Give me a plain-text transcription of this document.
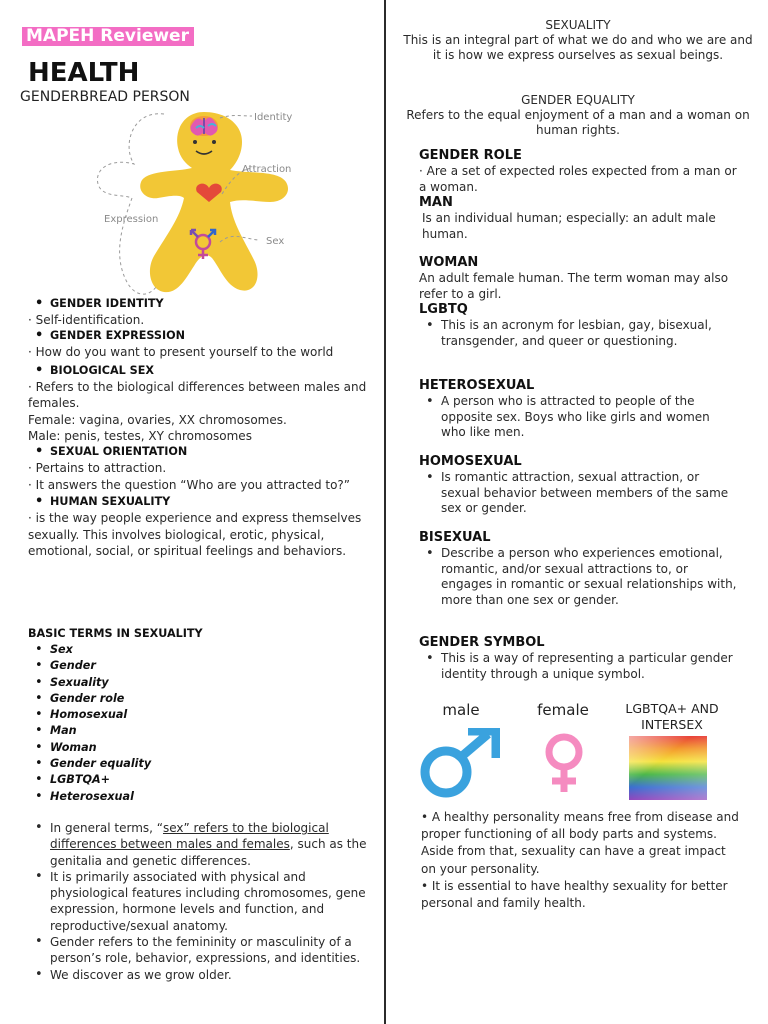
MAPEH Reviewer
HEALTH
GENDERBREAD PERSON
Identity
Attraction
Expression
Sex
• GENDER IDENTITY
· Self-identification.
• GENDER EXPRESSION
· How do you want to present yourself to the world
• BIOLOGICAL SEX
· Refers to the biological differences between males and females.
Female: vagina, ovaries, XX chromosomes.
Male: penis, testes, XY chromosomes
• SEXUAL ORIENTATION
· Pertains to attraction.
· It answers the question “Who are you attracted to?”
• HUMAN SEXUALITY
· is the way people experience and express themselves sexually. This involves biological, erotic, physical, emotional, social, or spiritual feelings and behaviors.
BASIC TERMS IN SEXUALITY
• Sex
• Gender
• Sexuality
• Gender role
• Homosexual
• Man
• Woman
• Gender equality
• LGBTQA+
• Heterosexual
• In general terms, “sex” refers to the biological differences between males and females, such as the genitalia and genetic differences.
• It is primarily associated with physical and physiological features including chromosomes, gene expression, hormone levels and function, and reproductive/sexual anatomy.
• Gender refers to the femininity or masculinity of a person’s role, behavior, expressions, and identities.
• We discover as we grow older.
SEXUALITY
This is an integral part of what we do and who we are and it is how we express ourselves as sexual beings.
GENDER EQUALITY
Refers to the equal enjoyment of a man and a woman on human rights.
GENDER ROLE
· Are a set of expected roles expected from a man or a woman.
MAN
Is an individual human; especially: an adult male human.
WOMAN
An adult female human. The term woman may also refer to a girl.
LGBTQ
• This is an acronym for lesbian, gay, bisexual, transgender, and queer or questioning.
HETEROSEXUAL
• A person who is attracted to people of the opposite sex. Boys who like girls and women who like men.
HOMOSEXUAL
• Is romantic attraction, sexual attraction, or sexual behavior between members of the same sex or gender.
BISEXUAL
• Describe a person who experiences emotional, romantic, and/or sexual attractions to, or engages in romantic or sexual relationships with, more than one sex or gender.
GENDER SYMBOL
• This is a way of representing a particular gender identity through a unique symbol.
male	female	LGBTQA+ AND INTERSEX
• A healthy personality means free from disease and proper functioning of all body parts and systems. Aside from that, sexuality can have a great impact on your personality.
• It is essential to have healthy sexuality for better personal and family health.
